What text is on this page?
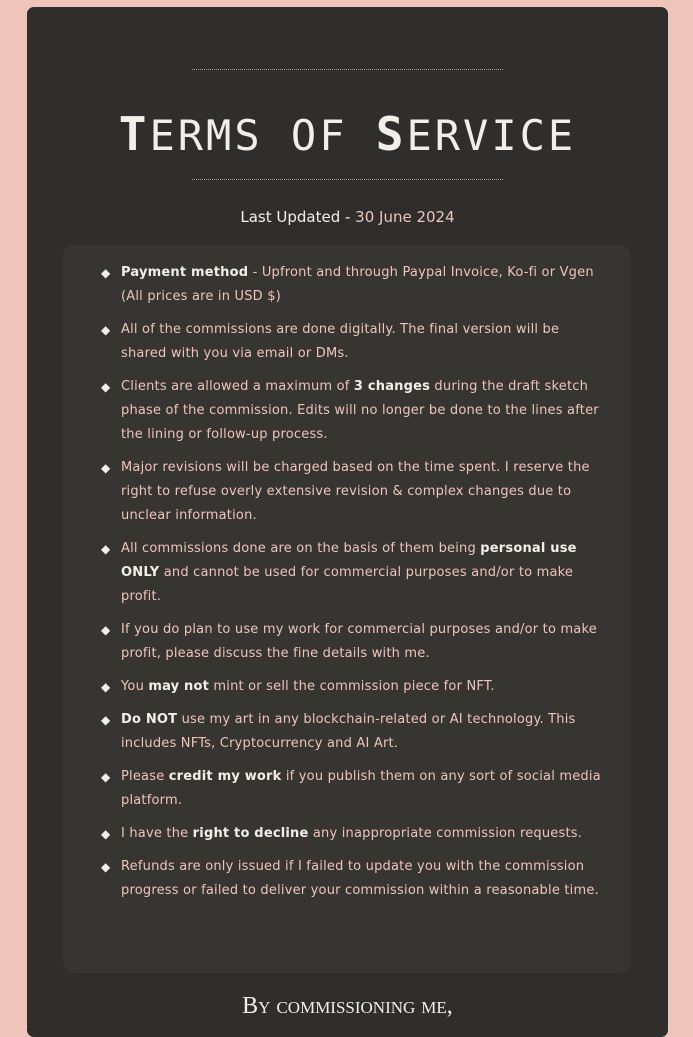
TERMS OF SERVICE
Last Updated - 30 June 2024
◆ Payment method - Upfront and through Paypal Invoice, Ko-fi or Vgen (All prices are in USD $)
◆ All of the commissions are done digitally. The final version will be shared with you via email or DMs.
◆ Clients are allowed a maximum of 3 changes during the draft sketch phase of the commission. Edits will no longer be done to the lines after the lining or follow-up process.
◆ Major revisions will be charged based on the time spent. I reserve the right to refuse overly extensive revision & complex changes due to unclear information.
◆ All commissions done are on the basis of them being personal use ONLY and cannot be used for commercial purposes and/or to make profit.
◆ If you do plan to use my work for commercial purposes and/or to make profit, please discuss the fine details with me.
◆ You may not mint or sell the commission piece for NFT.
◆ Do NOT use my art in any blockchain-related or AI technology. This includes NFTs, Cryptocurrency and AI Art.
◆ Please credit my work if you publish them on any sort of social media platform.
◆ I have the right to decline any inappropriate commission requests.
◆ Refunds are only issued if I failed to update you with the commission progress or failed to deliver your commission within a reasonable time.
By commissioning me,
